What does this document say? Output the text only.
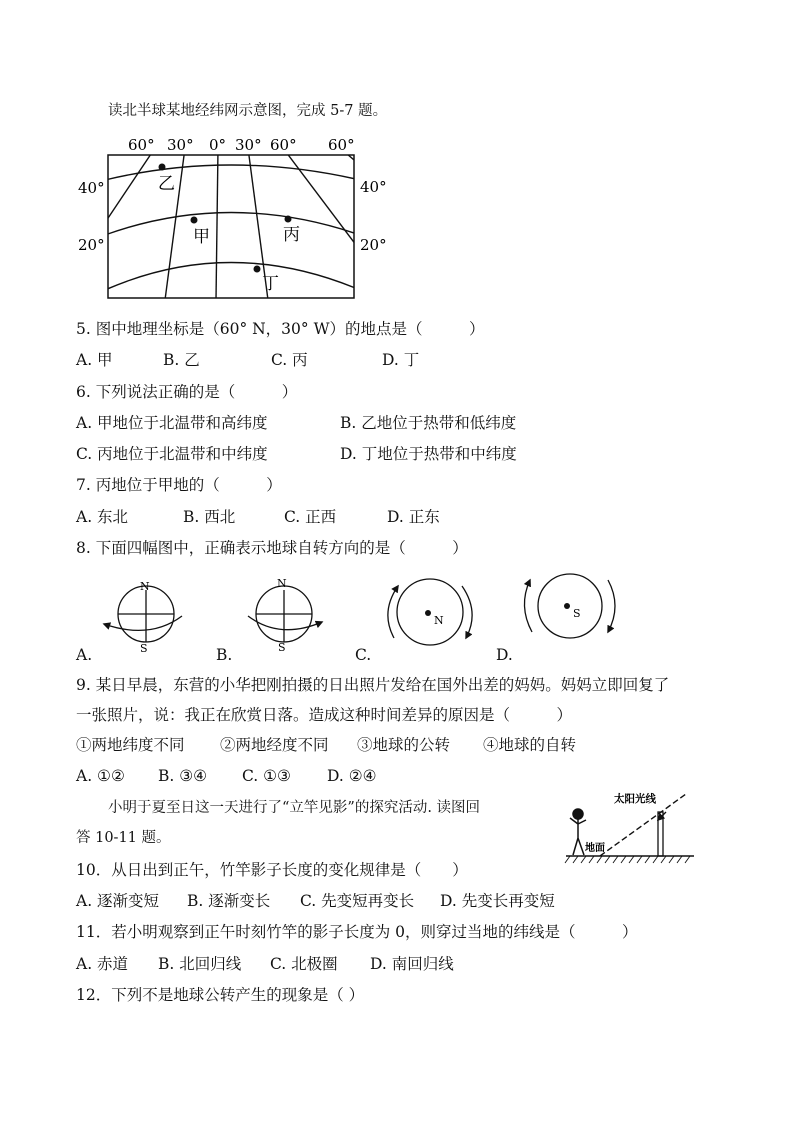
读北半球某地经纬网示意图，完成 5-7 题。
60° 30° 0° 30° 60° 60°
40°
20°
40°
20°
乙
甲	丙
丁
5. 图中地理坐标是（60° N，30° W）的地点是（　　　）
A. 甲	B. 乙	C. 丙	D. 丁
6. 下列说法正确的是（　　　）
A. 甲地位于北温带和高纬度	B. 乙地位于热带和低纬度
C. 丙地位于北温带和中纬度	D. 丁地位于热带和中纬度
7. 丙地位于甲地的（　　　）
A. 东北	B. 西北	C. 正西	D. 正东
8. 下面四幅图中，正确表示地球自转方向的是（　　　）
N
S
N
S
N
S
A.	B.	C.	D.
9. 某日早晨，东营的小华把刚拍摄的日出照片发给在国外出差的妈妈。妈妈立即回复了
一张照片，说：我正在欣赏日落。造成这种时间差异的原因是（　　　）
①两地纬度不同 ②两地经度不同 ③地球的公转 ④地球的自转
A. ①② B. ③④ C. ①③ D. ②④
小明于夏至日这一天进行了“立竿见影”的探究活动. 读图回
答 10-11 题。
太阳光线
地面
10．从日出到正午，竹竿影子长度的变化规律是（　　）
A. 逐渐变短 B. 逐渐变长 C. 先变短再变长 D. 先变长再变短
11．若小明观察到正午时刻竹竿的影子长度为 0，则穿过当地的纬线是（　　　）
A. 赤道 B. 北回归线 C. 北极圈 D. 南回归线
12．下列不是地球公转产生的现象是（ ）
